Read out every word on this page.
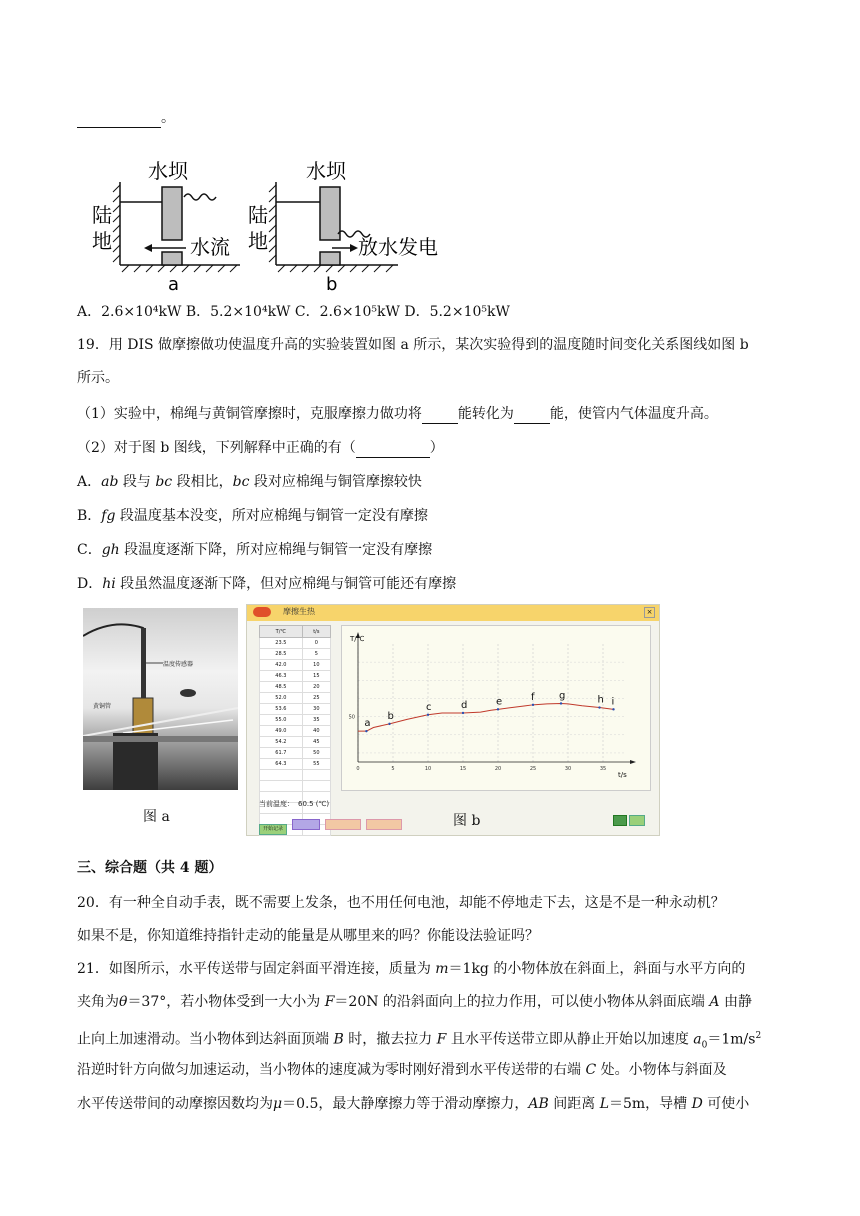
。
水坝
陆
地	水流
a
水坝
陆
地	放水发电
b
A．2.6×10⁴kW B．5.2×10⁴kW C．2.6×10⁵kW D．5.2×10⁵kW
19．用 DIS 做摩擦做功使温度升高的实验装置如图 a 所示，某次实验得到的温度随时间变化关系图线如图 b
所示。
（1）实验中，棉绳与黄铜管摩擦时，克服摩擦力做功将	能转化为	能，使管内气体温度升高。
（2）对于图 b 图线，下列解释中正确的有（	）
A．ab 段与 bc 段相比，bc 段对应棉绳与铜管摩擦较快
B．fg 段温度基本没变，所对应棉绳与铜管一定没有摩擦
C．gh 段温度逐渐下降，所对应棉绳与铜管一定没有摩擦
D．hi 段虽然温度逐渐下降，但对应棉绳与铜管可能还有摩擦
温度传感器
黄铜管
图 a
摩擦生热	×
T/℃	t/s
23.5	0
28.5	5
42.0	10
46.3	15
48.5	20
52.0	25
53.6	30
55.0	35
49.0	40
54.2	45
61.7	50
64.3	55

0	5	10	15	20	25	30	35
50
T/℃
t/s
a
b
c	d	e	f g	h i
当前温度： 60.5 (℃)
开始记录	图 b
三、综合题（共 4 题）
20．有一种全自动手表，既不需要上发条，也不用任何电池，却能不停地走下去，这是不是一种永动机？
如果不是，你知道维持指针走动的能量是从哪里来的吗？你能设法验证吗？
21．如图所示，水平传送带与固定斜面平滑连接，质量为 m＝1kg 的小物体放在斜面上，斜面与水平方向的
夹角为θ＝37°，若小物体受到一大小为 F＝20N 的沿斜面向上的拉力作用，可以使小物体从斜面底端 A 由静
止向上加速滑动。当小物体到达斜面顶端 B 时，撤去拉力 F 且水平传送带立即从静止开始以加速度 $a_0=1m/s^2$
沿逆时针方向做匀加速运动，当小物体的速度减为零时刚好滑到水平传送带的右端 C 处。小物体与斜面及
水平传送带间的动摩擦因数均为μ＝0.5，最大静摩擦力等于滑动摩擦力，AB 间距离 L＝5m，导槽 D 可使小
